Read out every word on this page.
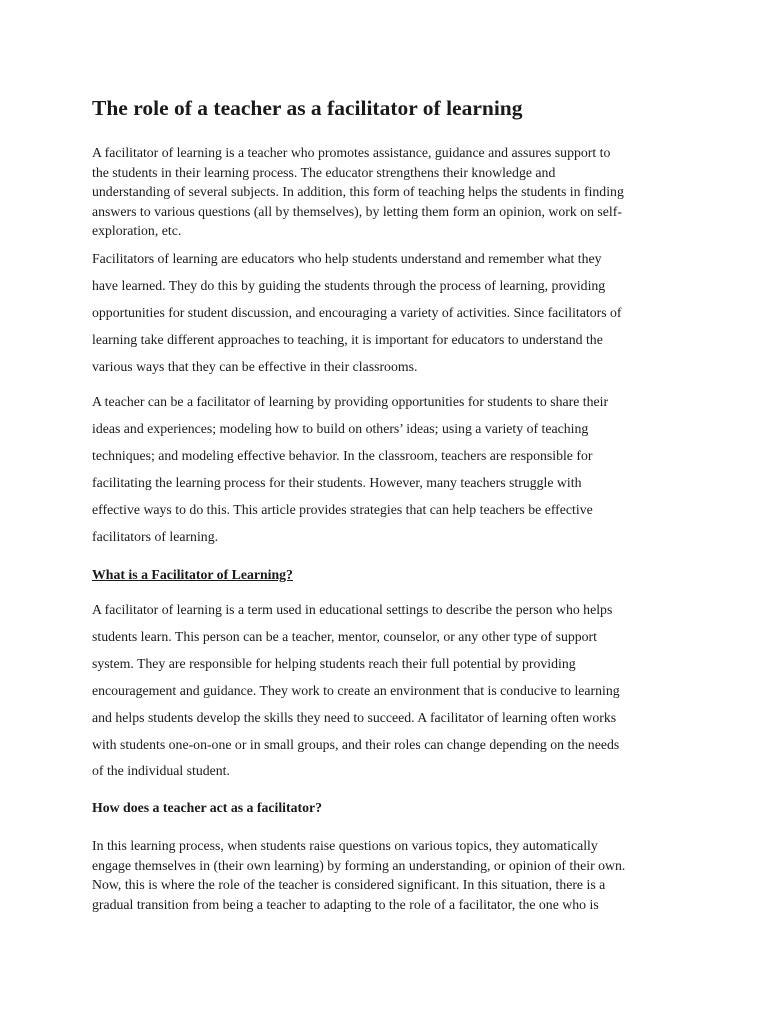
The role of a teacher as a facilitator of learning

A facilitator of learning is a teacher who promotes assistance, guidance and assures support to
the students in their learning process. The educator strengthens their knowledge and
understanding of several subjects. In addition, this form of teaching helps the students in finding
answers to various questions (all by themselves), by letting them form an opinion, work on self-
exploration, etc.

Facilitators of learning are educators who help students understand and remember what they
have learned. They do this by guiding the students through the process of learning, providing
opportunities for student discussion, and encouraging a variety of activities. Since facilitators of
learning take different approaches to teaching, it is important for educators to understand the
various ways that they can be effective in their classrooms.

A teacher can be a facilitator of learning by providing opportunities for students to share their
ideas and experiences; modeling how to build on others’ ideas; using a variety of teaching
techniques; and modeling effective behavior. In the classroom, teachers are responsible for
facilitating the learning process for their students. However, many teachers struggle with
effective ways to do this. This article provides strategies that can help teachers be effective
facilitators of learning.

What is a Facilitator of Learning?

A facilitator of learning is a term used in educational settings to describe the person who helps
students learn. This person can be a teacher, mentor, counselor, or any other type of support
system. They are responsible for helping students reach their full potential by providing
encouragement and guidance. They work to create an environment that is conducive to learning
and helps students develop the skills they need to succeed. A facilitator of learning often works
with students one-on-one or in small groups, and their roles can change depending on the needs
of the individual student.

How does a teacher act as a facilitator?

In this learning process, when students raise questions on various topics, they automatically
engage themselves in (their own learning) by forming an understanding, or opinion of their own.
Now, this is where the role of the teacher is considered significant. In this situation, there is a
gradual transition from being a teacher to adapting to the role of a facilitator, the one who is
